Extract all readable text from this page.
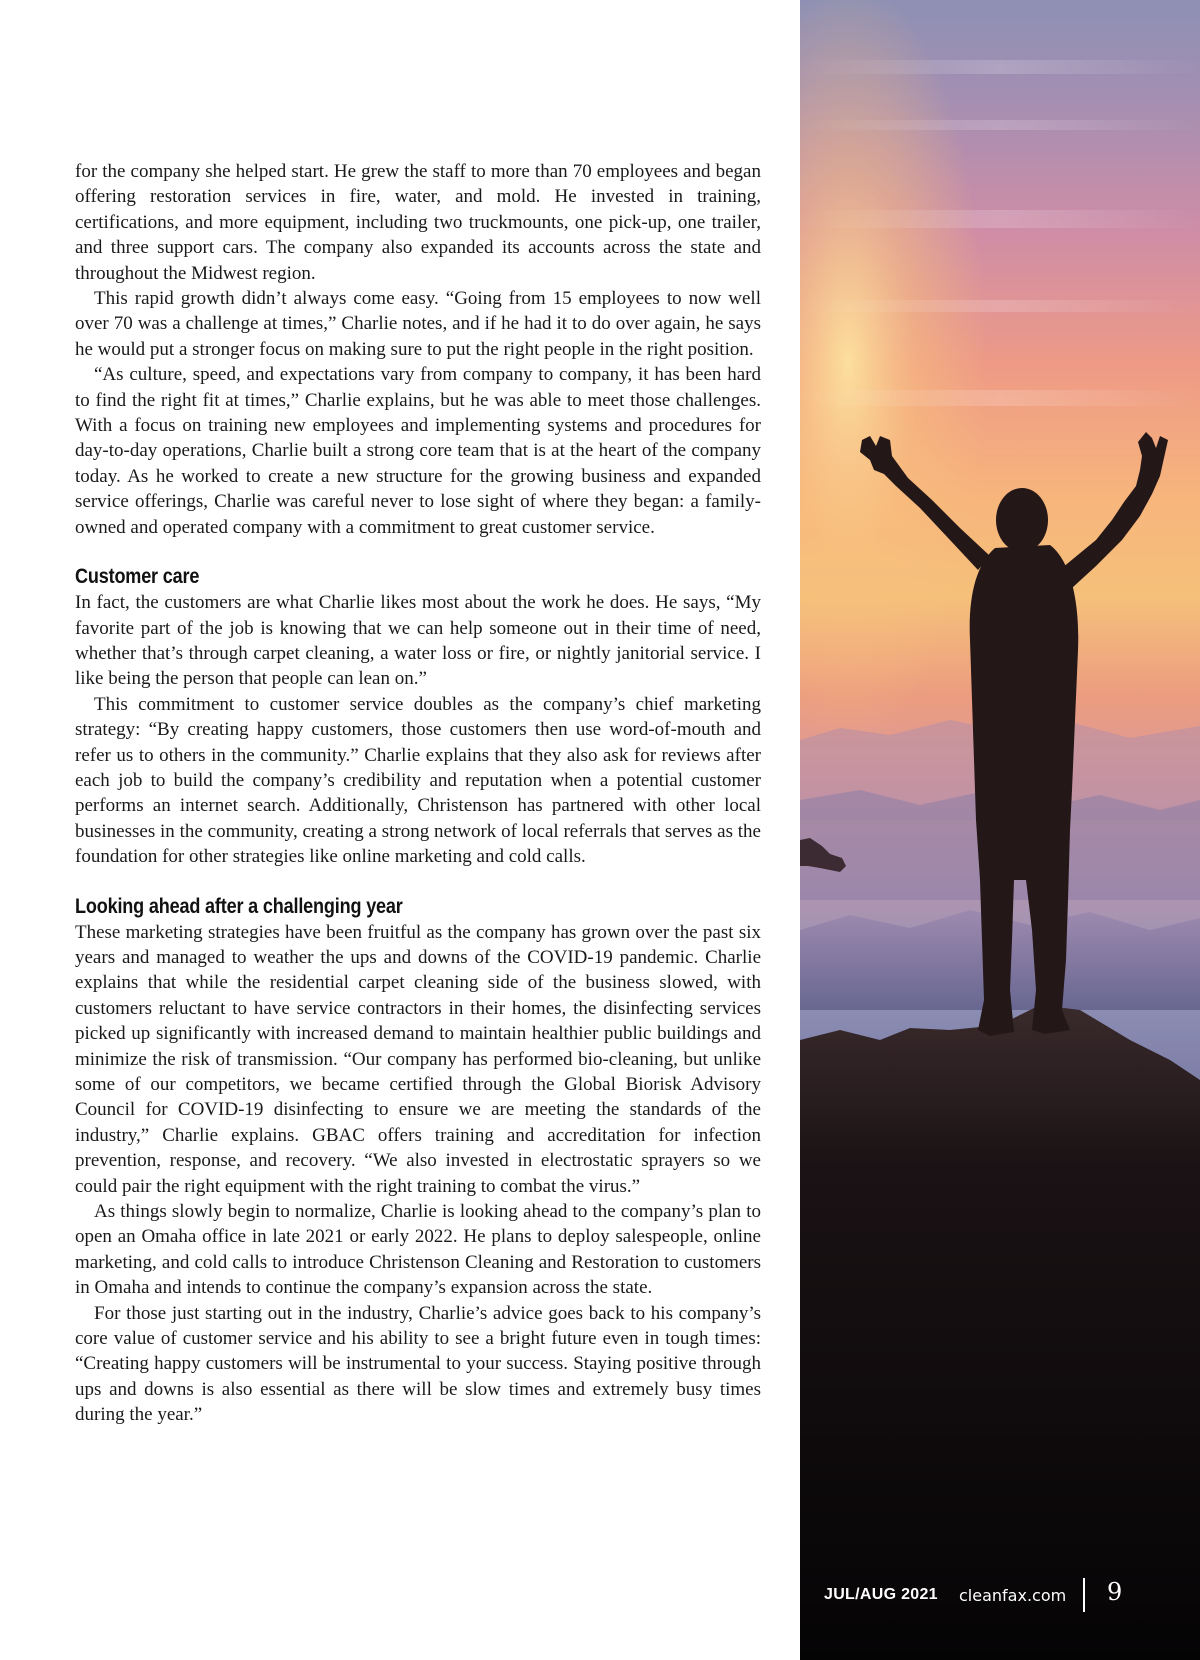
for the company she helped start. He grew the staff to more than 70 employees and began offering restoration services in fire, water, and mold. He invested in training, certifications, and more equipment, including two truckmounts, one pick-up, one trailer, and three support cars. The company also expanded its accounts across the state and throughout the Midwest region.

This rapid growth didn’t always come easy. “Going from 15 employees to now well over 70 was a challenge at times,” Charlie notes, and if he had it to do over again, he says he would put a stronger focus on making sure to put the right people in the right position.

“As culture, speed, and expectations vary from company to company, it has been hard to find the right fit at times,” Charlie explains, but he was able to meet those challenges. With a focus on training new employees and implementing systems and procedures for day-to-day operations, Charlie built a strong core team that is at the heart of the company today. As he worked to create a new structure for the growing business and expanded service offerings, Charlie was careful never to lose sight of where they began: a family-owned and operated company with a commitment to great customer service.

Customer care

In fact, the customers are what Charlie likes most about the work he does. He says, “My favorite part of the job is knowing that we can help someone out in their time of need, whether that’s through carpet cleaning, a water loss or fire, or nightly janitorial service. I like being the person that people can lean on.”

This commitment to customer service doubles as the company’s chief marketing strategy: “By creating happy customers, those customers then use word-of-mouth and refer us to others in the community.” Charlie explains that they also ask for reviews after each job to build the company’s credibility and reputation when a potential customer performs an internet search. Additionally, Christenson has partnered with other local businesses in the community, creating a strong network of local referrals that serves as the foundation for other strategies like online marketing and cold calls.

Looking ahead after a challenging year

These marketing strategies have been fruitful as the company has grown over the past six years and managed to weather the ups and downs of the COVID-19 pandemic. Charlie explains that while the residential carpet cleaning side of the business slowed, with customers reluctant to have service contractors in their homes, the disinfecting services picked up significantly with increased demand to maintain healthier public buildings and minimize the risk of transmission. “Our company has performed bio-cleaning, but unlike some of our competitors, we became certified through the Global Biorisk Advisory Council for COVID-19 disinfecting to ensure we are meeting the standards of the industry,” Charlie explains. GBAC offers training and accreditation for infection prevention, response, and recovery. “We also invested in electrostatic sprayers so we could pair the right equipment with the right training to combat the virus.”

As things slowly begin to normalize, Charlie is looking ahead to the company’s plan to open an Omaha office in late 2021 or early 2022. He plans to deploy salespeople, online marketing, and cold calls to introduce Christenson Cleaning and Restoration to customers in Omaha and intends to continue the company’s expansion across the state.

For those just starting out in the industry, Charlie’s advice goes back to his company’s core value of customer service and his ability to see a bright future even in tough times: “Creating happy customers will be instrumental to your success. Staying positive through ups and downs is also essential as there will be slow times and extremely busy times during the year.”

JUL/AUG 2021 cleanfax.com 9
